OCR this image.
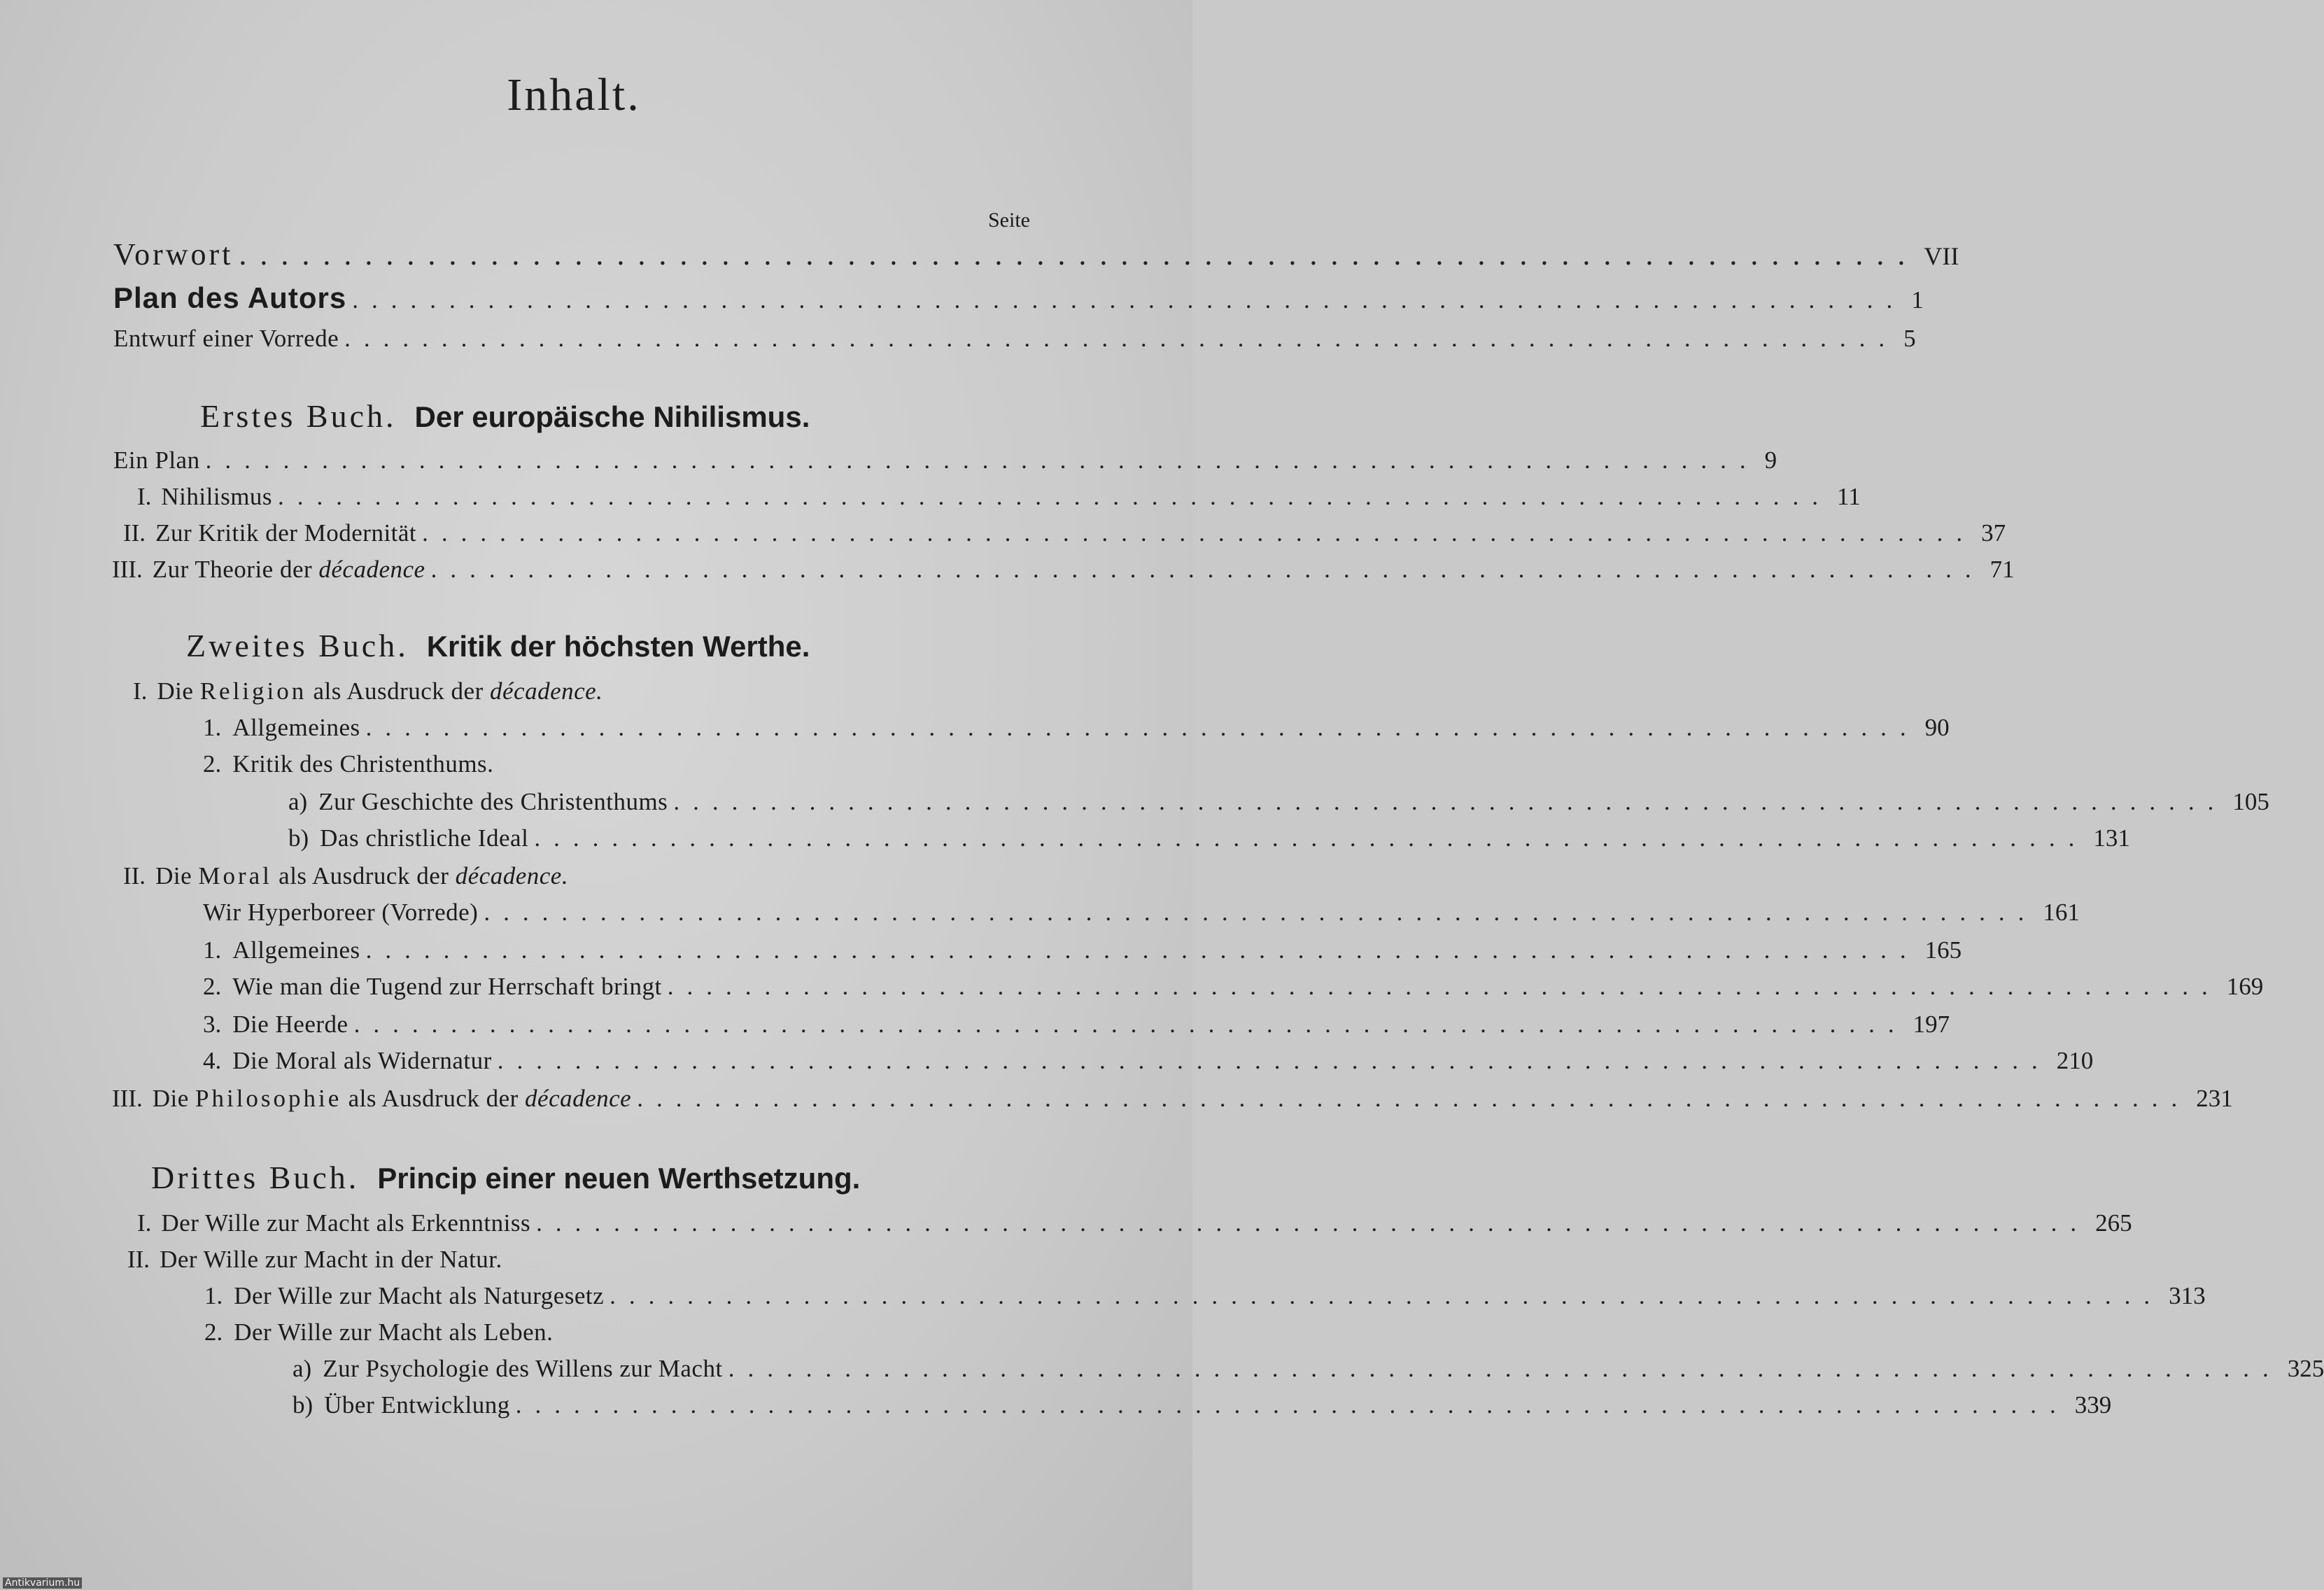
Inhalt.
Seite
Vorwort ................................................................................ VII
Plan des Autors ................................................................................ 1
Entwurf einer Vorrede ................................................................................ 5
Erstes Buch. Der europäische Nihilismus.
Ein Plan ................................................................................ 9
I. Nihilismus ................................................................................ 11
II. Zur Kritik der Modernität ................................................................................ 37
III. Zur Theorie der décadence ................................................................................ 71
Zweites Buch. Kritik der höchsten Werthe.
I. Die Religion als Ausdruck der décadence.
1. Allgemeines ................................................................................ 90
2. Kritik des Christenthums.
a) Zur Geschichte des Christenthums ................................................................................ 105
b) Das christliche Ideal ................................................................................ 131
II. Die Moral als Ausdruck der décadence.
Wir Hyperboreer (Vorrede) ................................................................................ 161
1. Allgemeines ................................................................................ 165
2. Wie man die Tugend zur Herrschaft bringt ................................................................................ 169
3. Die Heerde ................................................................................ 197
4. Die Moral als Widernatur ................................................................................ 210
III. Die Philosophie als Ausdruck der décadence ................................................................................ 231
Drittes Buch. Princip einer neuen Werthsetzung.
I. Der Wille zur Macht als Erkenntniss ................................................................................ 265
II. Der Wille zur Macht in der Natur.
1. Der Wille zur Macht als Naturgesetz ................................................................................ 313
2. Der Wille zur Macht als Leben.
a) Zur Psychologie des Willens zur Macht ................................................................................ 325
b) Über Entwicklung ................................................................................ 339
Antikvarium.hu
